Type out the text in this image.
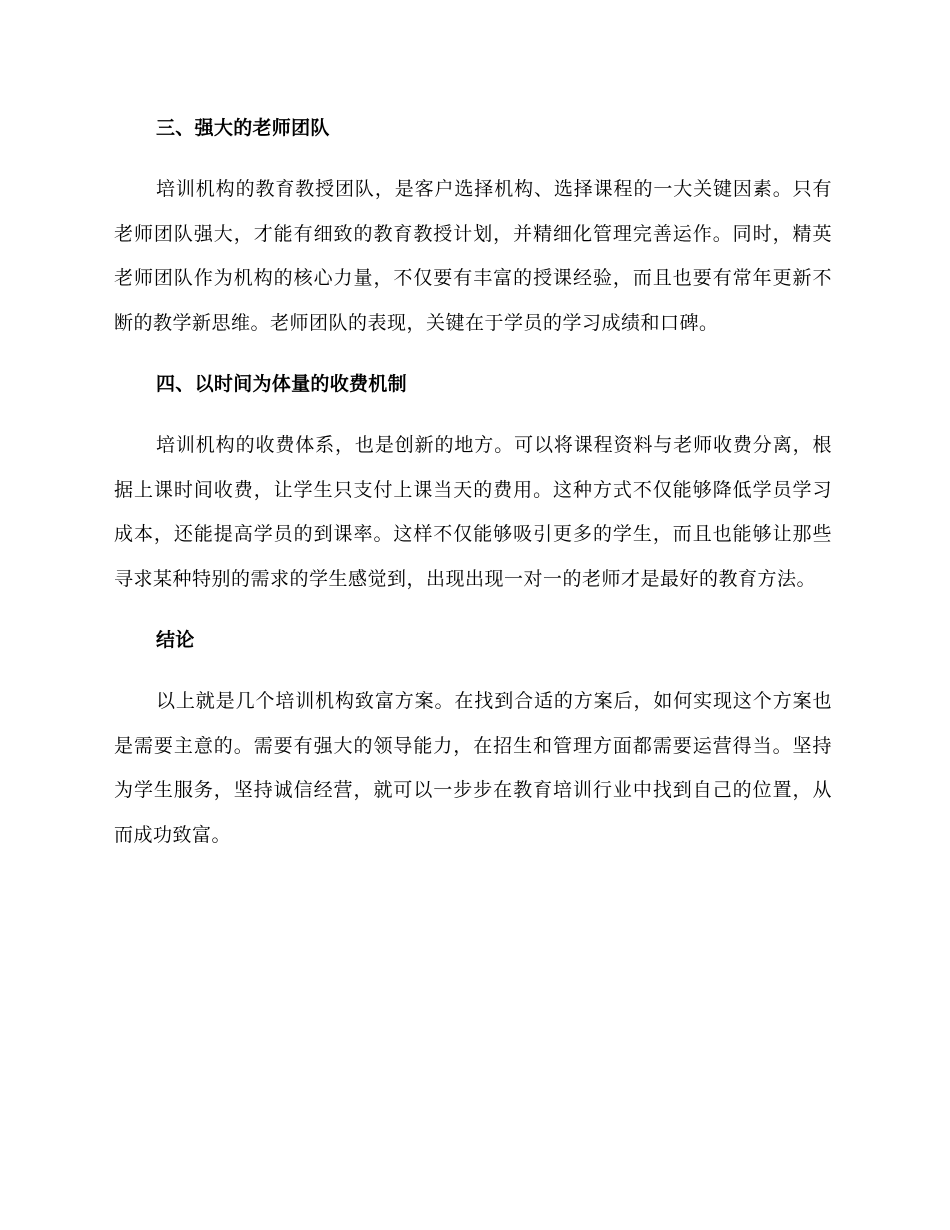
三、强大的老师团队

培训机构的教育教授团队，是客户选择机构、选择课程的一大关键因素。只有老师团队强大，才能有细致的教育教授计划，并精细化管理完善运作。同时，精英老师团队作为机构的核心力量，不仅要有丰富的授课经验，而且也要有常年更新不断的教学新思维。老师团队的表现，关键在于学员的学习成绩和口碑。

四、以时间为体量的收费机制

培训机构的收费体系，也是创新的地方。可以将课程资料与老师收费分离，根据上课时间收费，让学生只支付上课当天的费用。这种方式不仅能够降低学员学习成本，还能提高学员的到课率。这样不仅能够吸引更多的学生，而且也能够让那些寻求某种特别的需求的学生感觉到，出现出现一对一的老师才是最好的教育方法。

结论

以上就是几个培训机构致富方案。在找到合适的方案后，如何实现这个方案也是需要主意的。需要有强大的领导能力，在招生和管理方面都需要运营得当。坚持为学生服务，坚持诚信经营，就可以一步步在教育培训行业中找到自己的位置，从而成功致富。
